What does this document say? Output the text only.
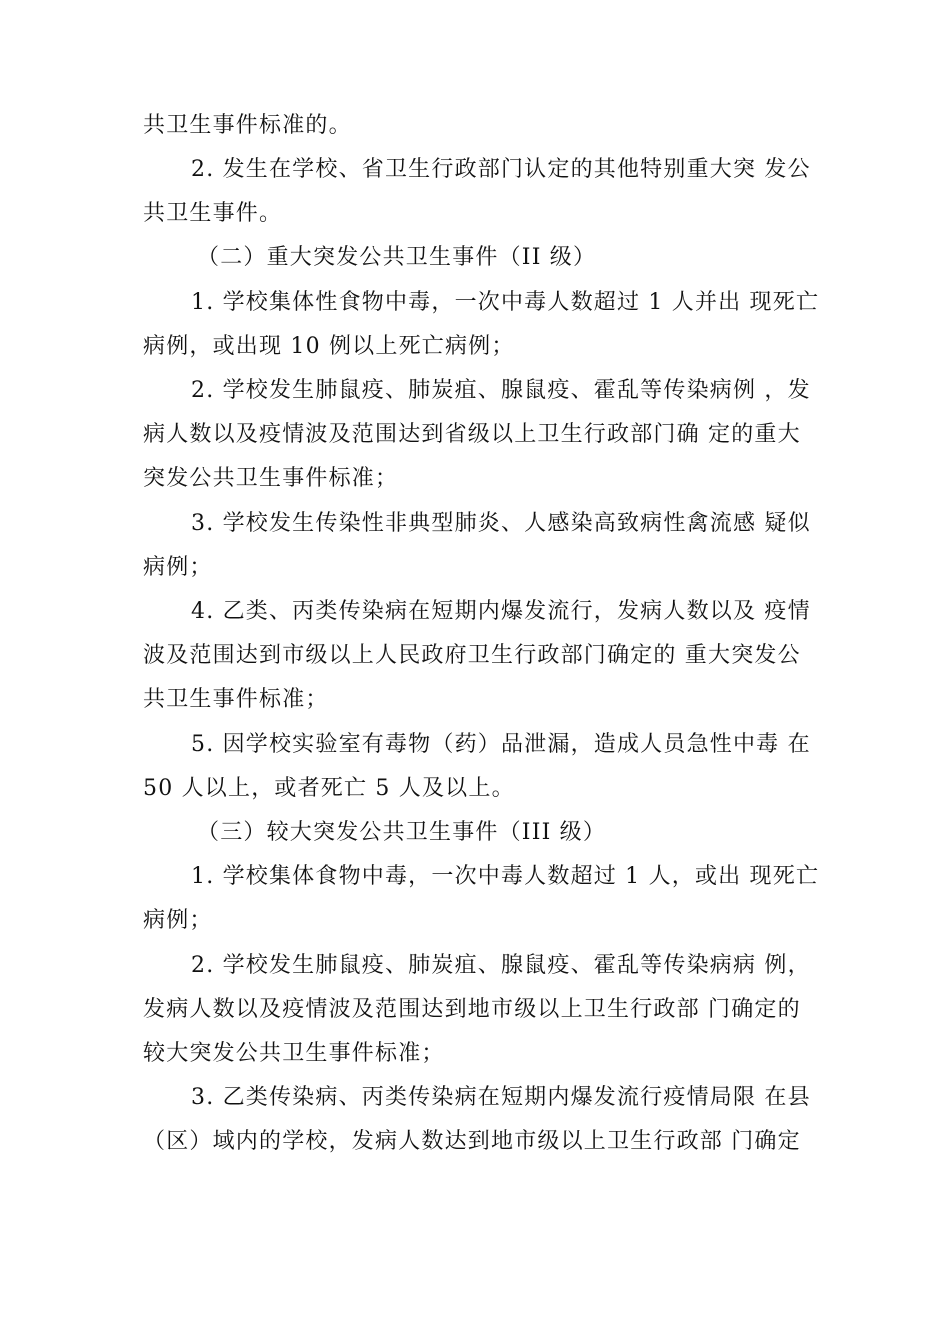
共卫生事件标准的。
2. 发生在学校、省卫生行政部门认定的其他特别重大突 发公
共卫生事件。
（二）重大突发公共卫生事件（II 级）
1. 学校集体性食物中毒，一次中毒人数超过 1 人并出 现死亡
病例，或出现 10 例以上死亡病例；
2. 学校发生肺鼠疫、肺炭疽、腺鼠疫、霍乱等传染病例 ，发
病人数以及疫情波及范围达到省级以上卫生行政部门确 定的重大
突发公共卫生事件标准；
3. 学校发生传染性非典型肺炎、人感染高致病性禽流感 疑似
病例；
4. 乙类、丙类传染病在短期内爆发流行，发病人数以及 疫情
波及范围达到市级以上人民政府卫生行政部门确定的 重大突发公
共卫生事件标准；
5. 因学校实验室有毒物（药）品泄漏，造成人员急性中毒 在
50 人以上，或者死亡 5 人及以上。
（三）较大突发公共卫生事件（III 级）
1. 学校集体食物中毒，一次中毒人数超过 1 人，或出 现死亡
病例；
2. 学校发生肺鼠疫、肺炭疽、腺鼠疫、霍乱等传染病病 例，
发病人数以及疫情波及范围达到地市级以上卫生行政部 门确定的
较大突发公共卫生事件标准；
3. 乙类传染病、丙类传染病在短期内爆发流行疫情局限 在县
（区）域内的学校，发病人数达到地市级以上卫生行政部 门确定
